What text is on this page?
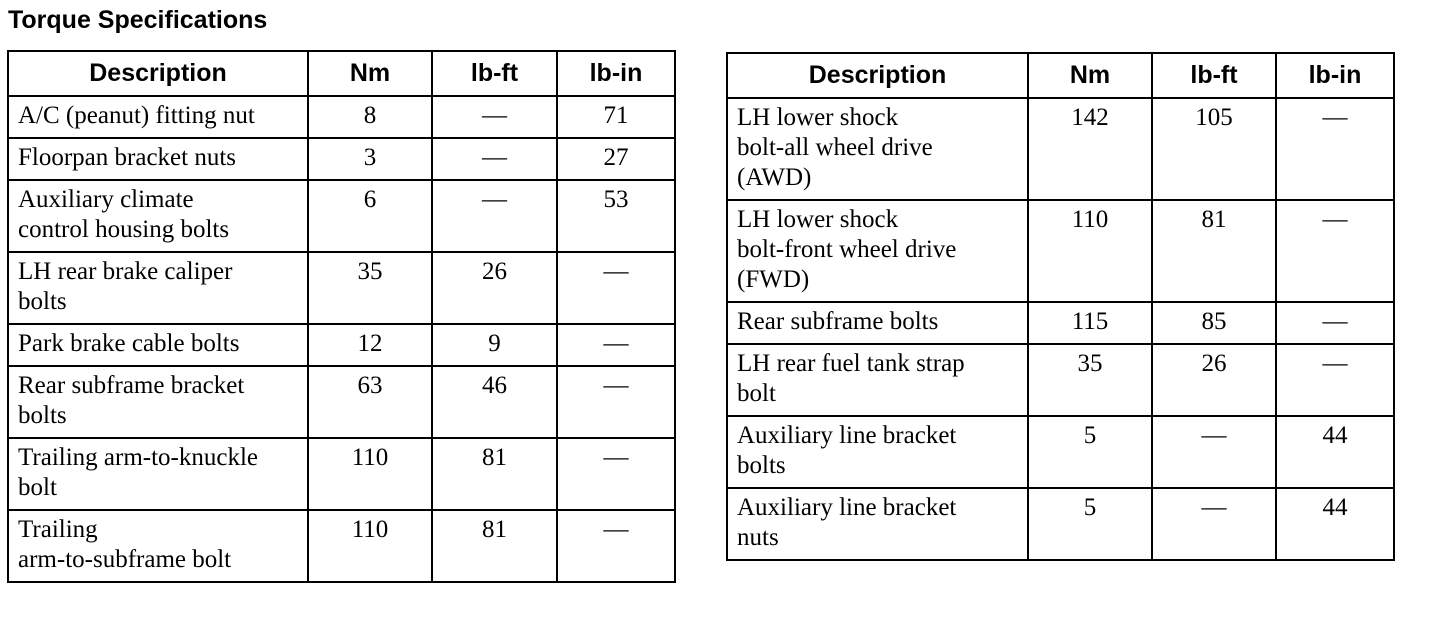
Torque Specifications
Description	Nm	lb-ft	lb-in

A/C (peanut) fitting nut	8	—	71

Floorpan bracket nuts	3	—	27

Auxiliary climate
control housing bolts	6	—	53

LH rear brake caliper
bolts	35	26	—

Park brake cable bolts	12	9	—

Rear subframe bracket
bolts	63	46	—

Trailing arm-to-knuckle
bolt	110	81	—

Trailing
arm-to-subframe bolt	110	81	—
Description	Nm	lb-ft	lb-in

LH lower shock
bolt-all wheel drive
(AWD)	142	105	—

LH lower shock
bolt-front wheel drive
(FWD)	110	81	—

Rear subframe bolts	115	85	—

LH rear fuel tank strap
bolt	35	26	—

Auxiliary line bracket
bolts	5	—	44

Auxiliary line bracket
nuts	5	—	44
